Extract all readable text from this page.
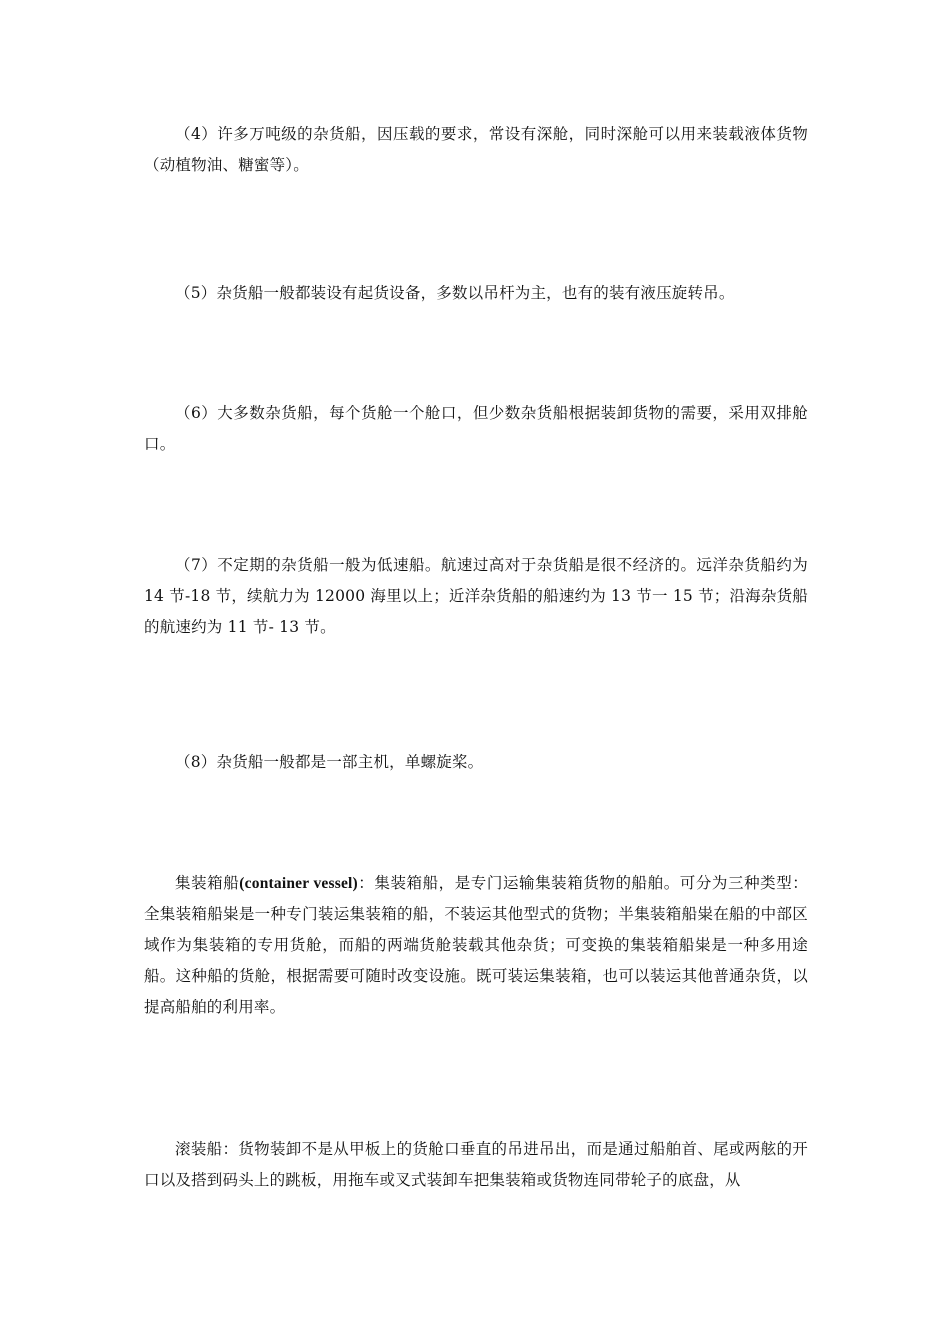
（4）许多万吨级的杂货船，因压载的要求，常设有深舱，同时深舱可以用来装载液体货物（动植物油、糖蜜等）。

（5）杂货船一般都装设有起货设备，多数以吊杆为主，也有的装有液压旋转吊。

（6）大多数杂货船，每个货舱一个舱口，但少数杂货船根据装卸货物的需要，采用双排舱口。

（7）不定期的杂货船一般为低速船。航速过高对于杂货船是很不经济的。远洋杂货船约为 14 节-18 节，续航力为 12000 海里以上；近洋杂货船的船速约为 13 节一 15 节；沿海杂货船的航速约为 11 节- 13 节。

（8）杂货船一般都是一部主机，单螺旋桨。

集装箱船(container vessel)：集装箱船，是专门运输集装箱货物的船舶。可分为三种类型：全集装箱船粜是一种专门装运集装箱的船，不装运其他型式的货物；半集装箱船粜在船的中部区域作为集装箱的专用货舱，而船的两端货舱装载其他杂货；可变换的集装箱船粜是一种多用途船。这种船的货舱，根据需要可随时改变设施。既可装运集装箱，也可以装运其他普通杂货，以提高船舶的利用率。

滚装船：货物装卸不是从甲板上的货舱口垂直的吊进吊出，而是通过船舶首、尾或两舷的开口以及搭到码头上的跳板，用拖车或叉式装卸车把集装箱或货物连同带轮子的底盘，从
